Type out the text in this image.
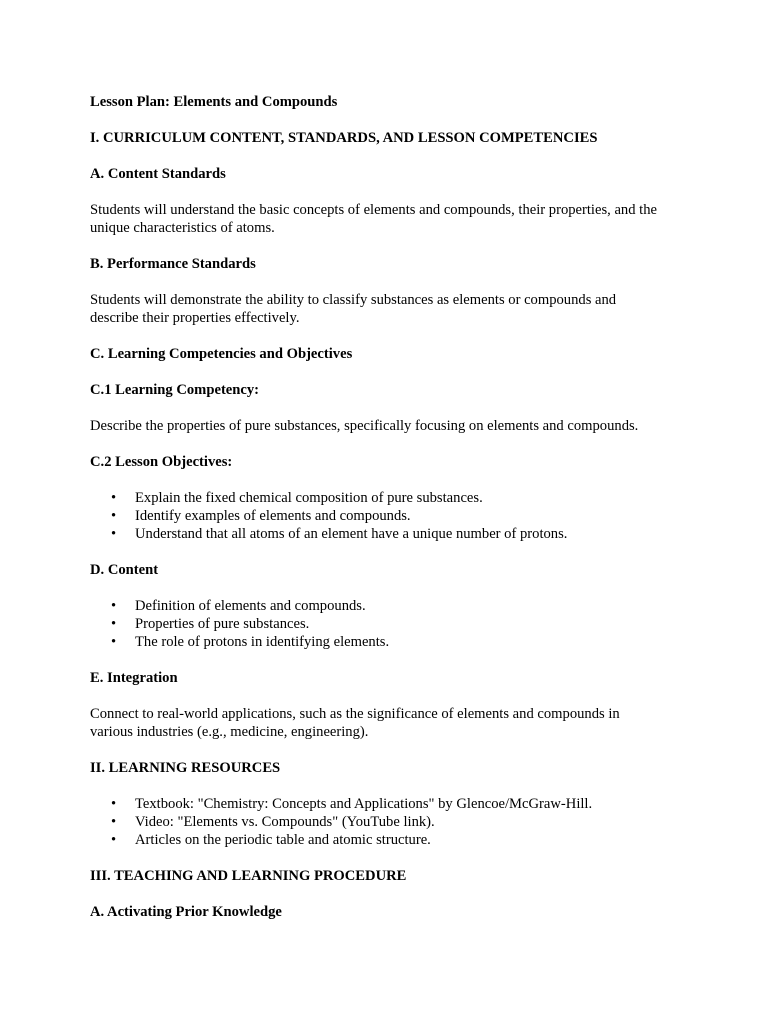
Lesson Plan: Elements and Compounds

I. CURRICULUM CONTENT, STANDARDS, AND LESSON COMPETENCIES

A. Content Standards

Students will understand the basic concepts of elements and compounds, their properties, and the

unique characteristics of atoms.

B. Performance Standards

Students will demonstrate the ability to classify substances as elements or compounds and

describe their properties effectively.

C. Learning Competencies and Objectives

C.1 Learning Competency:

Describe the properties of pure substances, specifically focusing on elements and compounds.

C.2 Lesson Objectives:

• Explain the fixed chemical composition of pure substances.
• Identify examples of elements and compounds.
• Understand that all atoms of an element have a unique number of protons.

D. Content

• Definition of elements and compounds.
• Properties of pure substances.
• The role of protons in identifying elements.

E. Integration

Connect to real-world applications, such as the significance of elements and compounds in

various industries (e.g., medicine, engineering).

II. LEARNING RESOURCES

• Textbook: "Chemistry: Concepts and Applications" by Glencoe/McGraw-Hill.
• Video: "Elements vs. Compounds" (YouTube link).
• Articles on the periodic table and atomic structure.

III. TEACHING AND LEARNING PROCEDURE

A. Activating Prior Knowledge
